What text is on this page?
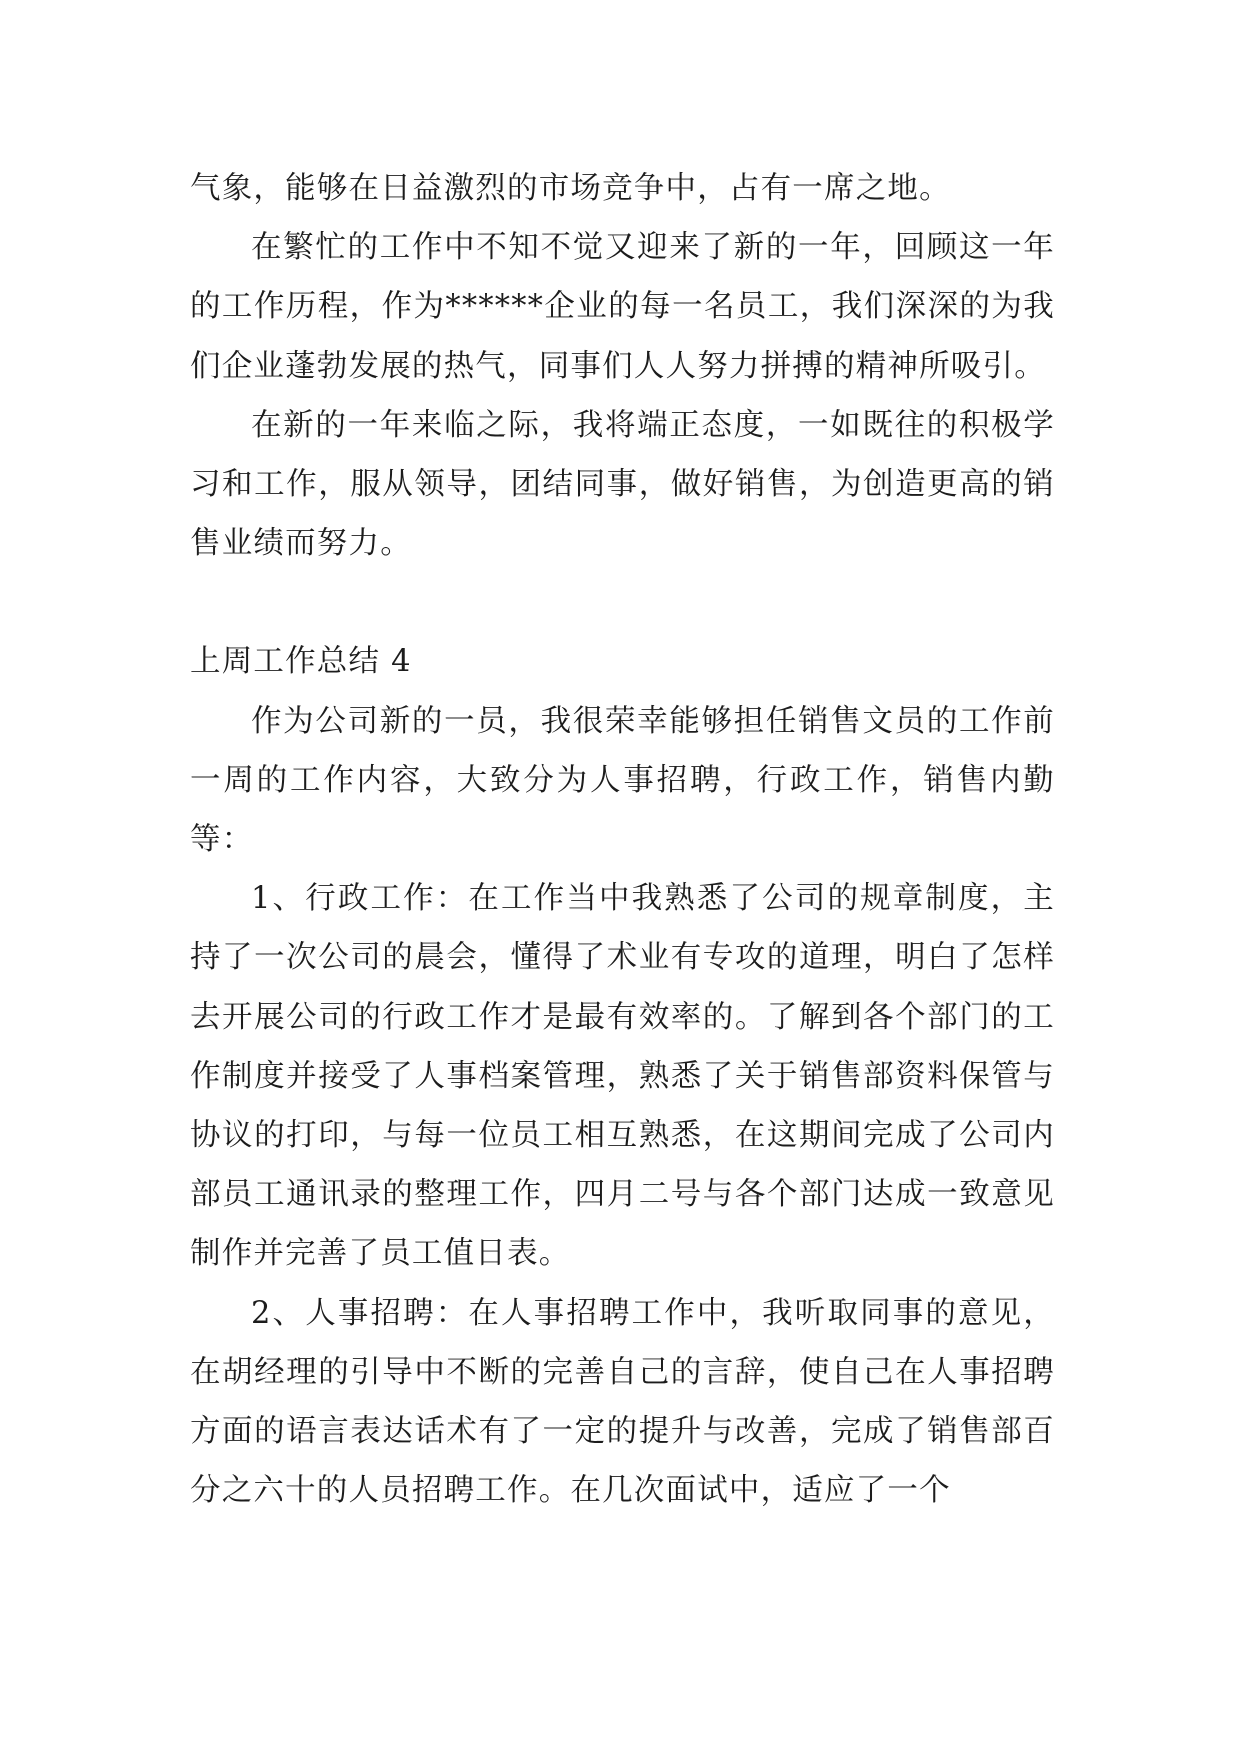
气象，能够在日益激烈的市场竞争中，占有一席之地。

在繁忙的工作中不知不觉又迎来了新的一年，回顾这一年的工作历程，作为******企业的每一名员工，我们深深的为我们企业蓬勃发展的热气，同事们人人努力拼搏的精神所吸引。

在新的一年来临之际，我将端正态度，一如既往的积极学习和工作，服从领导，团结同事，做好销售，为创造更高的销售业绩而努力。

上周工作总结 4

作为公司新的一员，我很荣幸能够担任销售文员的工作前一周的工作内容，大致分为人事招聘，行政工作，销售内勤等：

1、行政工作：在工作当中我熟悉了公司的规章制度，主持了一次公司的晨会，懂得了术业有专攻的道理，明白了怎样去开展公司的行政工作才是最有效率的。了解到各个部门的工作制度并接受了人事档案管理，熟悉了关于销售部资料保管与协议的打印，与每一位员工相互熟悉，在这期间完成了公司内部员工通讯录的整理工作，四月二号与各个部门达成一致意见制作并完善了员工值日表。

2、人事招聘：在人事招聘工作中，我听取同事的意见，在胡经理的引导中不断的完善自己的言辞，使自己在人事招聘方面的语言表达话术有了一定的提升与改善，完成了销售部百分之六十的人员招聘工作。在几次面试中，适应了一个
